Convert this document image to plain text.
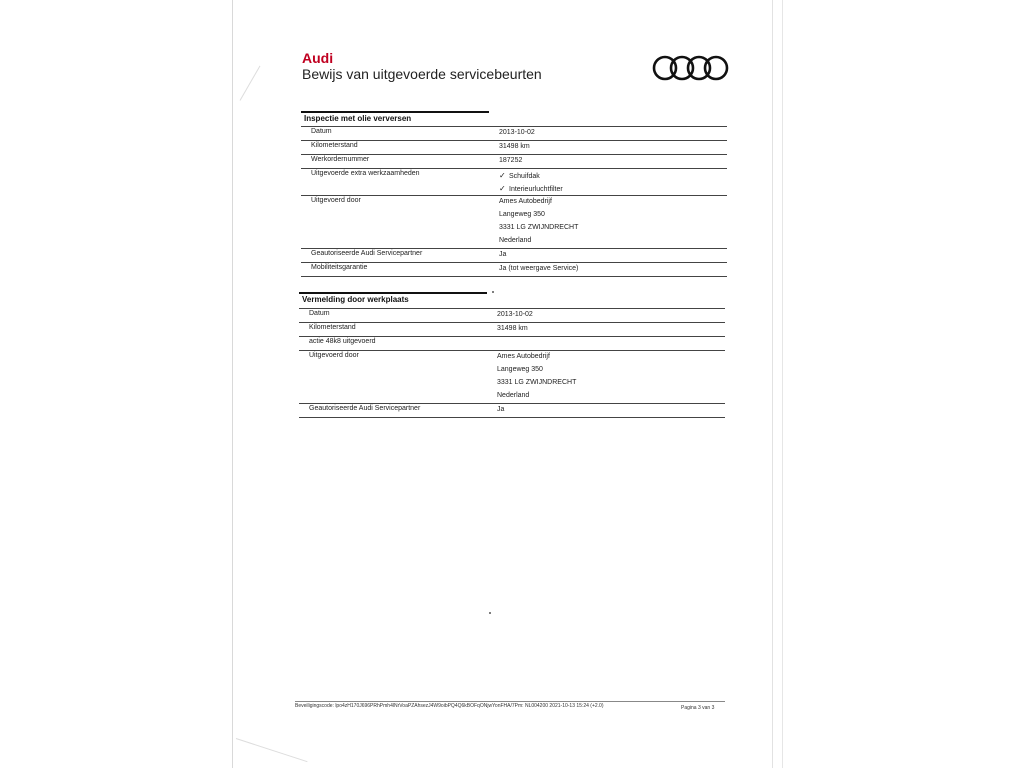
Audi
Bewijs van uitgevoerde servicebeurten
Inspectie met olie verversen
Datum	2013-10-02
Kilometerstand	31498 km
Werkordernummer	187252
Uitgevoerde extra werkzaamheden	✓ Schuifdak
✓ Interieurluchtfilter
Uitgevoerd door	Ames Autobedrijf
Langeweg 350
3331 LG ZWIJNDRECHT
Nederland
Geautoriseerde Audi Servicepartner	Ja
Mobiliteitsgarantie	Ja (tot weergave Service)
Vermelding door werkplaats
Datum	2013-10-02
Kilometerstand	31498 km
actie 48k8 uitgevoerd
Uitgevoerd door	Ames Autobedrijf
Langeweg 350
3331 LG ZWIJNDRECHT
Nederland
Geautoriseerde Audi Servicepartner	Ja
Beveiligingscode: lpo4zH170J696PRhPmh4lNrVoaPZAhsezJ4W9oibPQ4Q6kBOFqONjwYonFHA/7Pm: NL004200 2021-10-13 15:24 (+2.0)	Pagina 3 van 3
